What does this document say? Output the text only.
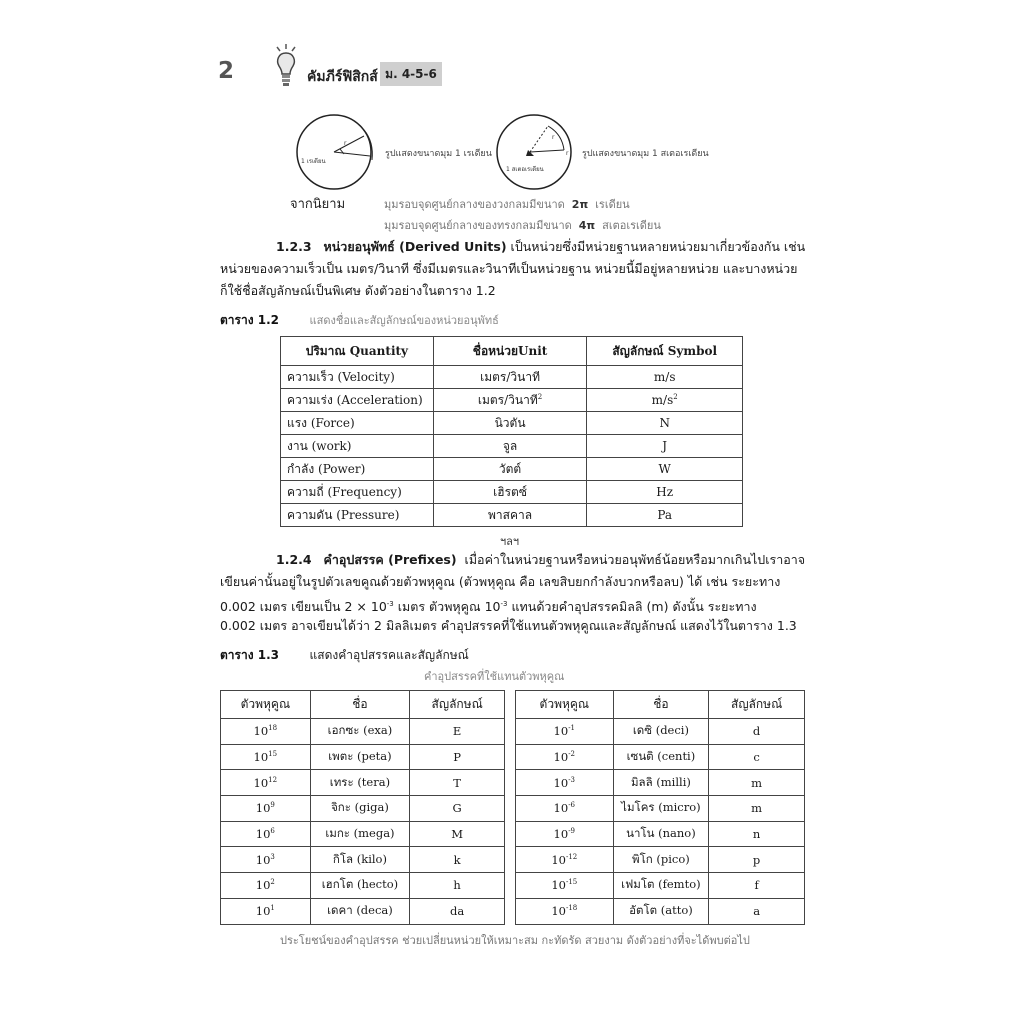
2	คัมภีร์ฟิสิกส์ ม. 4-5-6
1 เรเดียน
r
รูปแสดงขนาดมุม 1 เรเดียน
1 สเตอเรเดียน
r
r รูปแสดงขนาดมุม 1 สเตอเรเดียน
จากนิยาม	มุมรอบจุดศูนย์กลางของวงกลมมีขนาด 2π เรเดียน
มุมรอบจุดศูนย์กลางของทรงกลมมีขนาด 4π สเตอเรเดียน
1.2.3 หน่วยอนุพัทธ์ (Derived Units) เป็นหน่วยซึ่งมีหน่วยฐานหลายหน่วยมาเกี่ยวข้องกัน เช่น
หน่วยของความเร็วเป็น เมตร/วินาที ซึ่งมีเมตรและวินาทีเป็นหน่วยฐาน หน่วยนี้มีอยู่หลายหน่วย และบางหน่วย
ก็ใช้ชื่อสัญลักษณ์เป็นพิเศษ ดังตัวอย่างในตาราง 1.2
ตาราง 1.2	แสดงชื่อและสัญลักษณ์ของหน่วยอนุพัทธ์
ปริมาณ Quantity	ชื่อหน่วยUnit	สัญลักษณ์ Symbol
ความเร็ว (Velocity)	เมตร/วินาที	m/s
ความเร่ง (Acceleration)	เมตร/วินาที$^2$	$m/s^2$
แรง (Force)	นิวตัน	N
งาน (work)	จูล	J
กำลัง (Power)	วัตต์	W
ความถี่ (Frequency)	เฮิรตซ์	Hz
ความดัน (Pressure)	พาสคาล	Pa
ฯลฯ
1.2.4 คำอุปสรรค (Prefixes) เมื่อค่าในหน่วยฐานหรือหน่วยอนุพัทธ์น้อยหรือมากเกินไปเราอาจ
เขียนค่านั้นอยู่ในรูปตัวเลขคูณด้วยตัวพหุคูณ (ตัวพหุคูณ คือ เลขสิบยกกำลังบวกหรือลบ) ได้ เช่น ระยะทาง
0.002 เมตร เขียนเป็น $2 \times 10^{-3}$ เมตร ตัวพหุคูณ $10^{-3}$ แทนด้วยคำอุปสรรคมิลลิ (m) ดังนั้น ระยะทาง
0.002 เมตร อาจเขียนได้ว่า 2 มิลลิเมตร คำอุปสรรคที่ใช้แทนตัวพหุคูณและสัญลักษณ์ แสดงไว้ในตาราง 1.3
ตาราง 1.3	แสดงคำอุปสรรคและสัญลักษณ์
คำอุปสรรคที่ใช้แทนตัวพหุคูณ
ตัวพหุคูณ	ชื่อ	สัญลักษณ์
$10^{18}$	เอกซะ (exa)	E
$10^{15}$	เพตะ (peta)	P
$10^{12}$	เทระ (tera)	T
$10^9$	จิกะ (giga)	G
$10^6$	เมกะ (mega)	M
$10^3$	กิโล (kilo)	k
$10^2$	เฮกโต (hecto)	h
$10^1$	เดคา (deca)	da
ตัวพหุคูณ	ชื่อ	สัญลักษณ์
$10^{-1}$	เดซิ (deci)	d
$10^{-2}$	เซนติ (centi)	c
$10^{-3}$	มิลลิ (milli)	m
$10^{-6}$	ไมโคร (micro)	m
$10^{-9}$	นาโน (nano)	n
$10^{-12}$	พิโก (pico)	p
$10^{-15}$	เฟมโต (femto)	f
$10^{-18}$	อัตโต (atto)	a
ประโยชน์ของคำอุปสรรค ช่วยเปลี่ยนหน่วยให้เหมาะสม กะทัดรัด สวยงาม ดังตัวอย่างที่จะได้พบต่อไป
